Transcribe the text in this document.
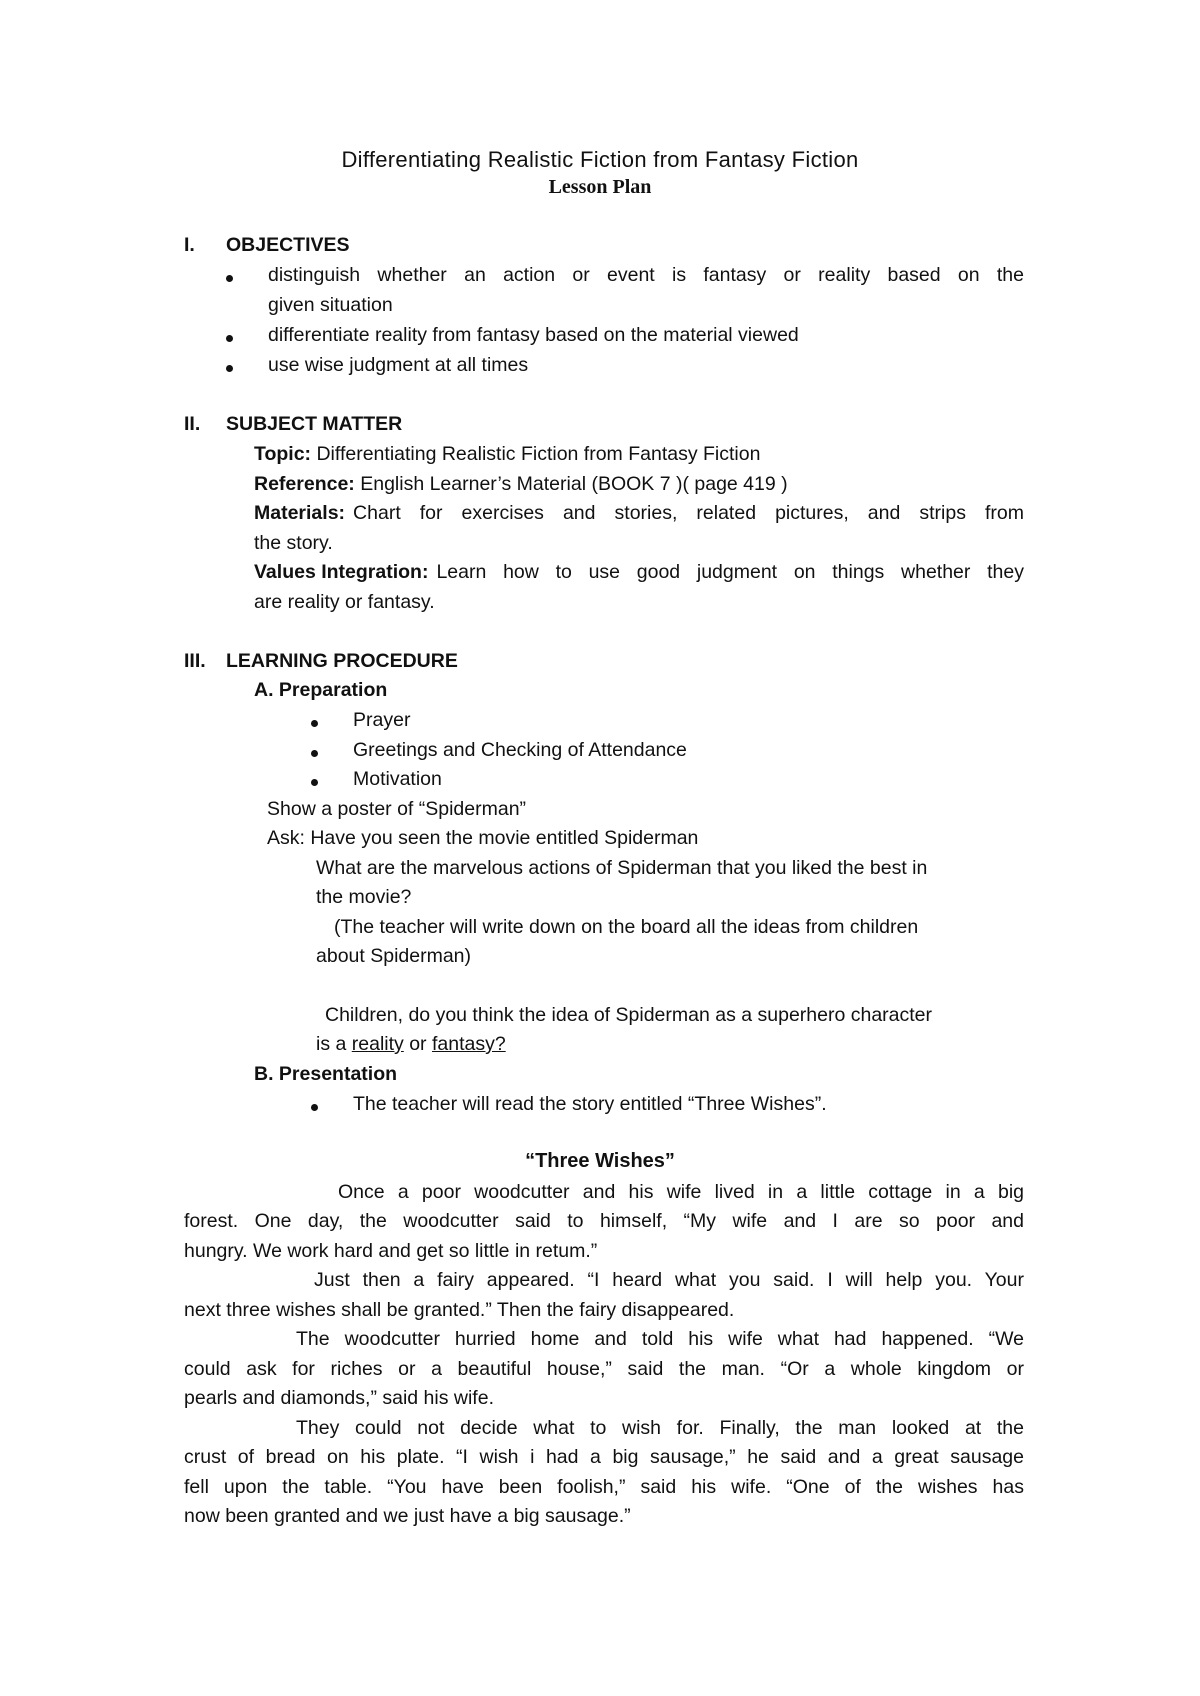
Differentiating Realistic Fiction from Fantasy Fiction
Lesson Plan
I. OBJECTIVES
distinguish whether an action or event is fantasy or reality based on the
given situation
differentiate reality from fantasy based on the material viewed
use wise judgment at all times
II. SUBJECT MATTER
Topic: Differentiating Realistic Fiction from Fantasy Fiction
Reference: English Learner’s Material (BOOK 7 )( page 419 )
Materials: Chart for exercises and stories, related pictures, and strips from
the story.
Values Integration: Learn how to use good judgment on things whether they
are reality or fantasy.
III. LEARNING PROCEDURE
A. Preparation
Prayer
Greetings and Checking of Attendance
Motivation
Show a poster of “Spiderman”
Ask: Have you seen the movie entitled Spiderman
What are the marvelous actions of Spiderman that you liked the best in
the movie?
(The teacher will write down on the board all the ideas from children
about Spiderman)
Children, do you think the idea of Spiderman as a superhero character
is a reality or fantasy?
B. Presentation
The teacher will read the story entitled “Three Wishes”.
“Three Wishes”
Once a poor woodcutter and his wife lived in a little cottage in a big
forest. One day, the woodcutter said to himself, “My wife and I are so poor and
hungry. We work hard and get so little in retum.”
Just then a fairy appeared. “I heard what you said. I will help you. Your
next three wishes shall be granted.” Then the fairy disappeared.
The woodcutter hurried home and told his wife what had happened. “We
could ask for riches or a beautiful house,” said the man. “Or a whole kingdom or
pearls and diamonds,” said his wife.
They could not decide what to wish for. Finally, the man looked at the
crust of bread on his plate. “I wish i had a big sausage,” he said and a great sausage
fell upon the table. “You have been foolish,” said his wife. “One of the wishes has
now been granted and we just have a big sausage.”
